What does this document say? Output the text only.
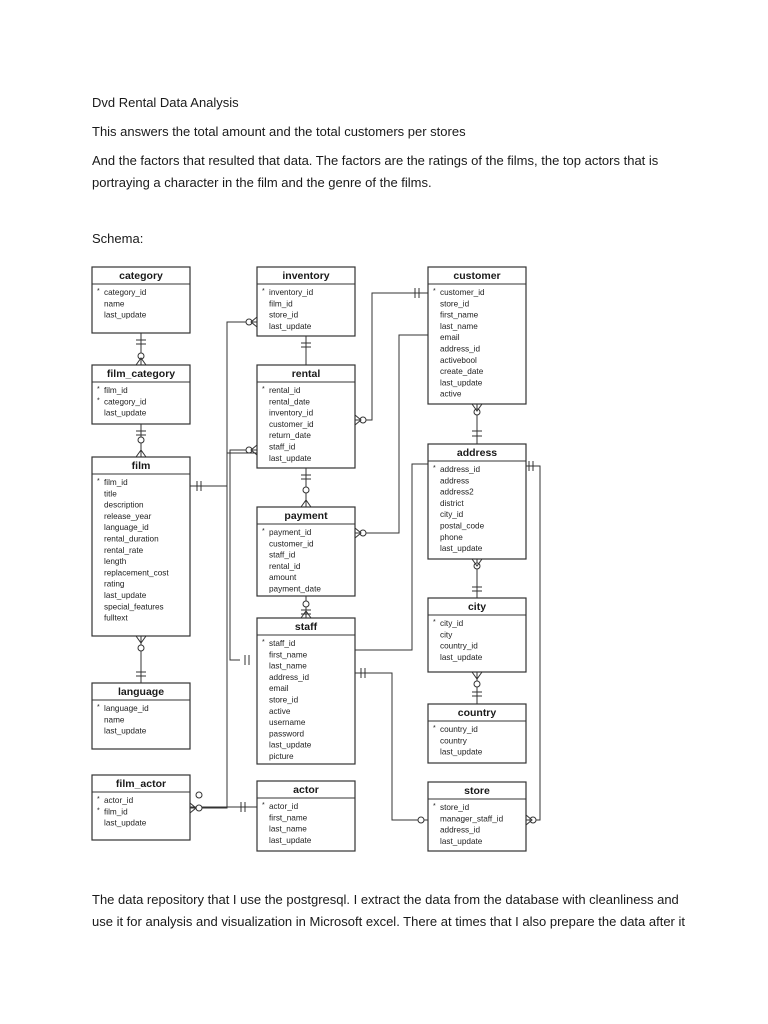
Dvd Rental Data Analysis

This answers the total amount and the total customers per stores

And the factors that resulted that data. The factors are the ratings of the films, the top actors that is portraying a character in the film and the genre of the films.

Schema:

category
* category_id
name
last_update
inventory
* inventory_id
film_id
store_id
last_update
customer
* customer_id
store_id
first_name
last_name
email
address_id
activebool
create_date
last_update
active
film_category
* film_id
* category_id
last_update
rental
* rental_id
rental_date
inventory_id
customer_id
return_date
staff_id
last_update	address
* address_id
address
address2
district
city_id
postal_code
phone
last_update
film
* film_id
title
description
release_year
language_id
rental_duration
rental_rate
length
replacement_cost
rating
last_update
special_features
fulltext
payment
* payment_id
customer_id
staff_id
rental_id
amount
payment_date
city
* city_id
city
country_id
last_update
staff
* staff_id
first_name
last_name
address_id
email
store_id
active
username
password
last_update
picture
language
* language_id
name
last_update
country
* country_id
country
last_update
film_actor
* actor_id
* film_id
last_update
actor
* actor_id
first_name
last_name
last_update
store
* store_id
manager_staff_id
address_id
last_update

The data repository that I use the postgresql. I extract the data from the database with cleanliness and use it for analysis and visualization in Microsoft excel. There at times that I also prepare the data after it
